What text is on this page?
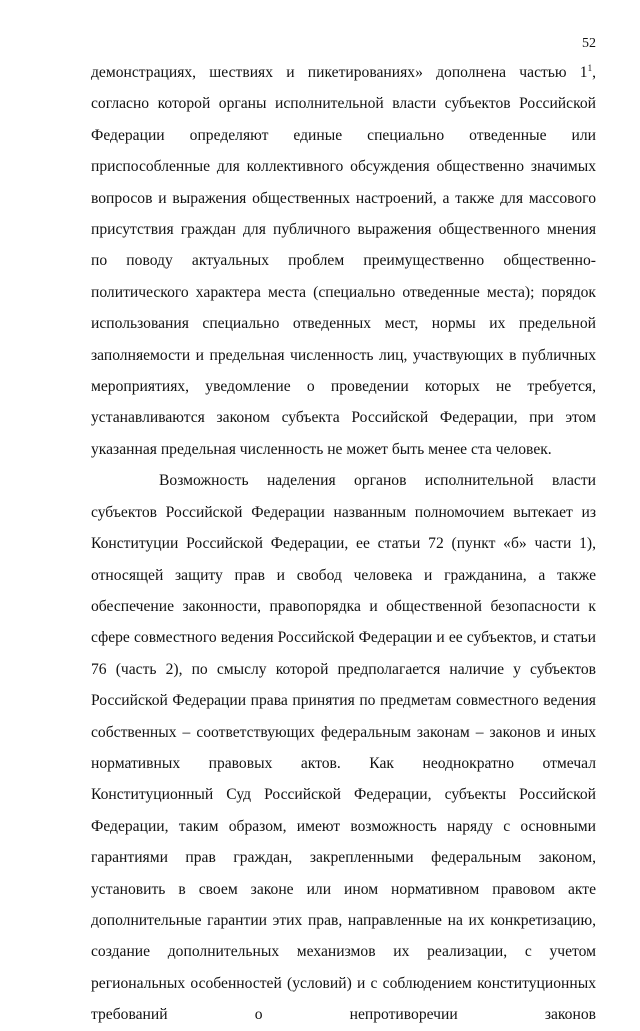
52

демонстрациях, шествиях и пикетированиях» дополнена частью $1^1$, согласно которой органы исполнительной власти субъектов Российской Федерации определяют единые специально отведенные или приспособленные для коллективного обсуждения общественно значимых вопросов и выражения общественных настроений, а также для массового присутствия граждан для публичного выражения общественного мнения по поводу актуальных проблем преимущественно общественно-политического характера места (специально отведенные места); порядок использования специально отведенных мест, нормы их предельной заполняемости и предельная численность лиц, участвующих в публичных мероприятиях, уведомление о проведении которых не требуется, устанавливаются законом субъекта Российской Федерации, при этом указанная предельная численность не может быть менее ста человек.

Возможность наделения органов исполнительной власти субъектов Российской Федерации названным полномочием вытекает из Конституции Российской Федерации, ее статьи 72 (пункт «б» части 1), относящей защиту прав и свобод человека и гражданина, а также обеспечение законности, правопорядка и общественной безопасности к сфере совместного ведения Российской Федерации и ее субъектов, и статьи 76 (часть 2), по смыслу которой предполагается наличие у субъектов Российской Федерации права принятия по предметам совместного ведения собственных – соответствующих федеральным законам – законов и иных нормативных правовых актов. Как неоднократно отмечал Конституционный Суд Российской Федерации, субъекты Российской Федерации, таким образом, имеют возможность наряду с основными гарантиями прав граждан, закрепленными федеральным законом, установить в своем законе или ином нормативном правовом акте дополнительные гарантии этих прав, направленные на их конкретизацию, создание дополнительных механизмов их реализации, с учетом региональных особенностей (условий) и с соблюдением конституционных требований о непротиворечии законов
